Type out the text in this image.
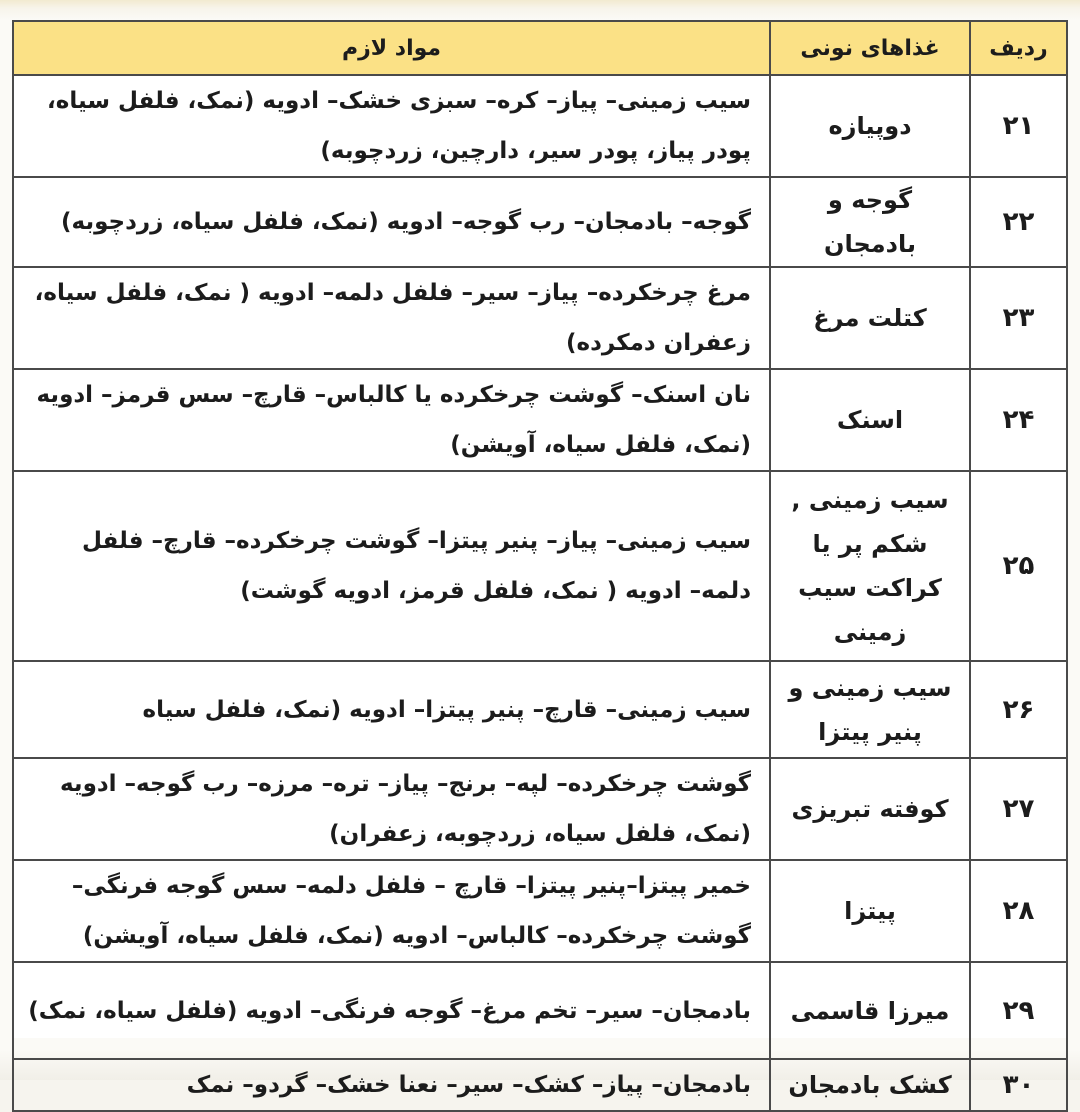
ردیف	غذاهای نونی	مواد لازم
۲۱	دوپیازه	سیب زمینی– پیاز– کره– سبزی خشک– ادویه (نمک، فلفل سیاه، پودر پیاز، پودر سیر، دارچین، زردچوبه)
۲۲	گوجه و بادمجان	گوجه– بادمجان– رب گوجه– ادویه (نمک، فلفل سیاه، زردچوبه)
۲۳	کتلت مرغ	مرغ چرخکرده– پیاز– سیر– فلفل دلمه– ادویه ( نمک، فلفل سیاه، زعفران دمکرده)
۲۴	اسنک	نان اسنک– گوشت چرخکرده یا کالباس– قارچ– سس قرمز– ادویه (نمک، فلفل سیاه، آویشن)
۲۵	سیب زمینی , شکم پر یا کراکت سیب زمینی	سیب زمینی– پیاز– پنیر پیتزا– گوشت چرخکرده– قارچ– فلفل دلمه– ادویه ( نمک، فلفل قرمز، ادویه گوشت)
۲۶	سیب زمینی و پنیر پیتزا	سیب زمینی– قارچ– پنیر پیتزا– ادویه (نمک، فلفل سیاه
۲۷	کوفته تبریزی	گوشت چرخکرده– لپه– برنج– پیاز– تره– مرزه– رب گوجه– ادویه (نمک، فلفل سیاه، زردچوبه، زعفران)
۲۸	پیتزا	خمیر پیتزا–پنیر پیتزا– قارچ – فلفل دلمه– سس گوجه فرنگی– گوشت چرخکرده– کالباس– ادویه (نمک، فلفل سیاه، آویشن)
۲۹	میرزا قاسمی	بادمجان– سیر– تخم مرغ– گوجه فرنگی– ادویه (فلفل سیاه، نمک)
۳۰	کشک بادمجان	بادمجان– پیاز– کشک– سیر– نعنا خشک– گردو– نمک
